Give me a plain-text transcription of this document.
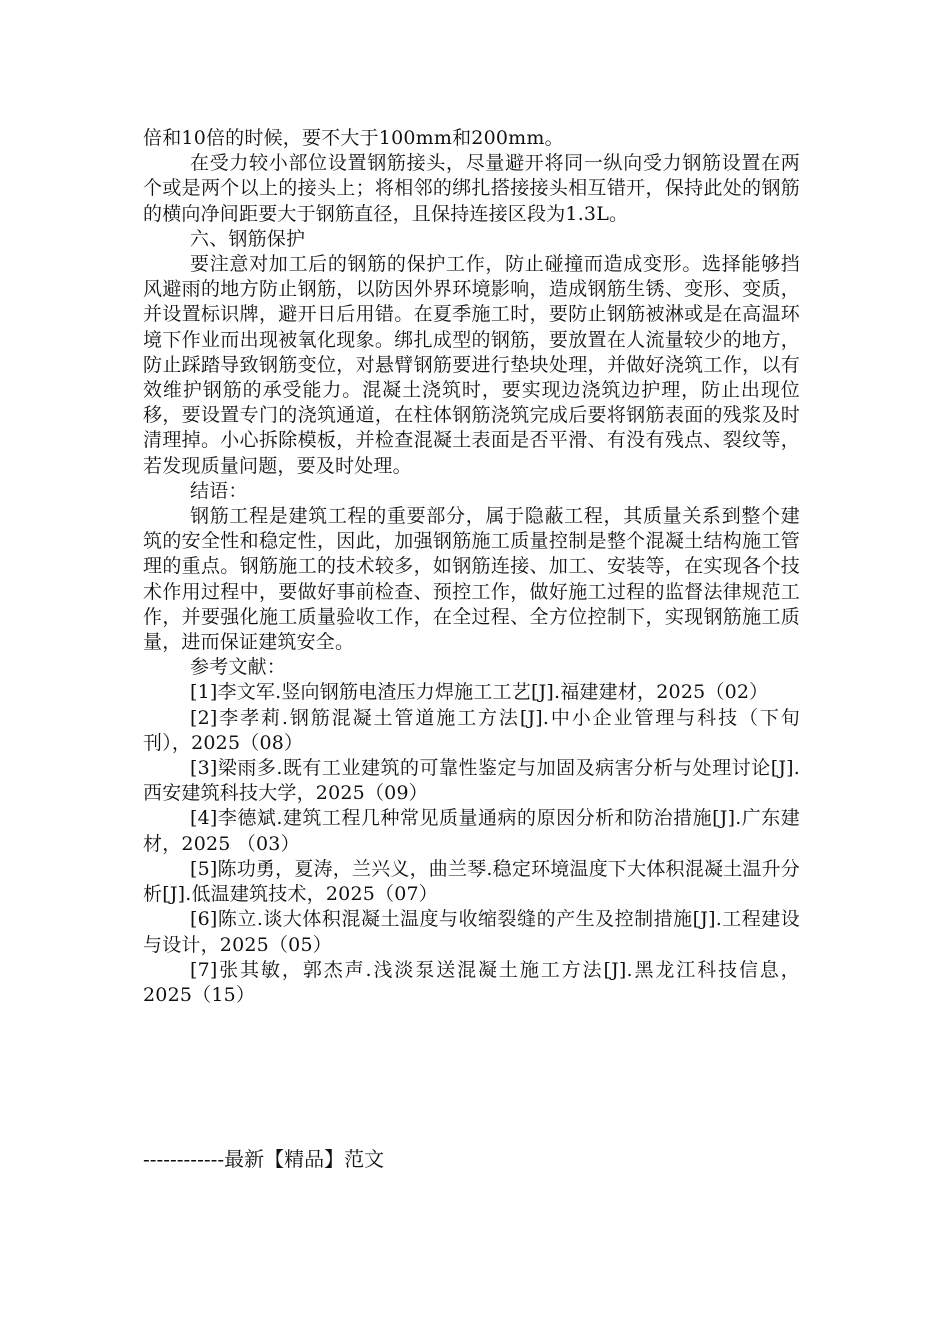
倍和10倍的时候，要不大于100mm和200mm。

在受力较小部位设置钢筋接头，尽量避开将同一纵向受力钢筋设置在两个或是两个以上的接头上；将相邻的绑扎搭接接头相互错开，保持此处的钢筋的横向净间距要大于钢筋直径，且保持连接区段为1.3L。

六、钢筋保护

要注意对加工后的钢筋的保护工作，防止碰撞而造成变形。选择能够挡风避雨的地方防止钢筋，以防因外界环境影响，造成钢筋生锈、变形、变质，并设置标识牌，避开日后用错。在夏季施工时，要防止钢筋被淋或是在高温环境下作业而出现被氧化现象。绑扎成型的钢筋，要放置在人流量较少的地方，防止踩踏导致钢筋变位，对悬臂钢筋要进行垫块处理，并做好浇筑工作，以有效维护钢筋的承受能力。混凝土浇筑时，要实现边浇筑边护理，防止出现位移，要设置专门的浇筑通道，在柱体钢筋浇筑完成后要将钢筋表面的残浆及时清理掉。小心拆除模板，并检查混凝土表面是否平滑、有没有残点、裂纹等，若发现质量问题，要及时处理。

结语：

钢筋工程是建筑工程的重要部分，属于隐蔽工程，其质量关系到整个建筑的安全性和稳定性，因此，加强钢筋施工质量控制是整个混凝土结构施工管理的重点。钢筋施工的技术较多，如钢筋连接、加工、安装等，在实现各个技术作用过程中，要做好事前检查、预控工作，做好施工过程的监督法律规范工作，并要强化施工质量验收工作，在全过程、全方位控制下，实现钢筋施工质量，进而保证建筑安全。

参考文献：

[1]李文军.竖向钢筋电渣压力焊施工工艺[J].福建建材，2025（02）

[2]李孝莉.钢筋混凝土管道施工方法[J].中小企业管理与科技（下旬刊），2025（08）

[3]梁雨多.既有工业建筑的可靠性鉴定与加固及病害分析与处理讨论[J].西安建筑科技大学，2025（09）

[4]李德斌.建筑工程几种常见质量通病的原因分析和防治措施[J].广东建材，2025 （03）

[5]陈功勇，夏涛，兰兴义，曲兰琴.稳定环境温度下大体积混凝土温升分析[J].低温建筑技术，2025（07）

[6]陈立.谈大体积混凝土温度与收缩裂缝的产生及控制措施[J].工程建设与设计，2025（05）

[7]张其敏，郭杰声.浅淡泵送混凝土施工方法[J].黑龙江科技信息，2025（15）

------------最新【精品】范文
